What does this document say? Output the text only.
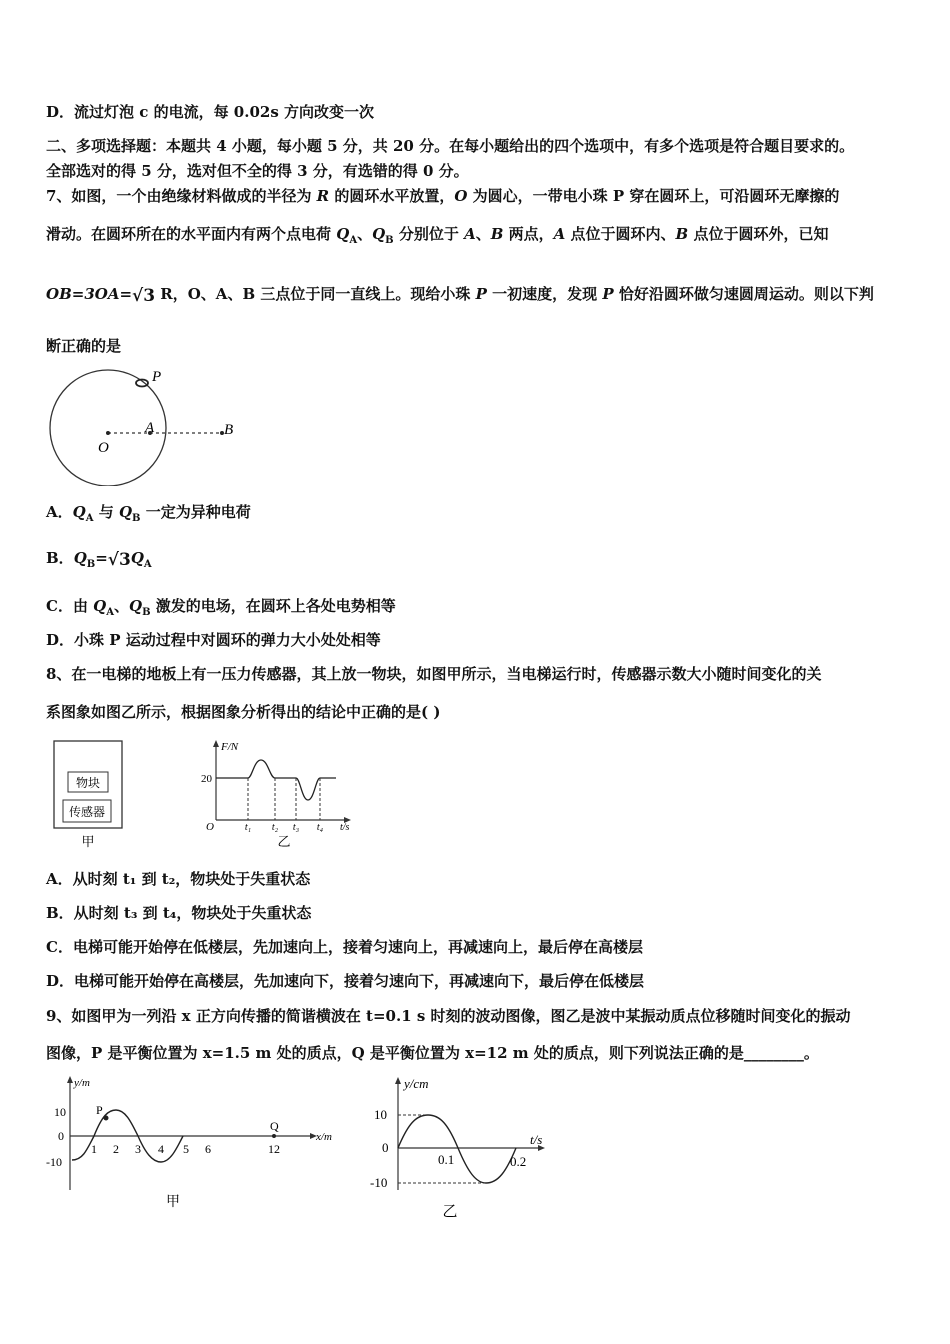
D．流过灯泡 c 的电流，每 0.02s 方向改变一次
二、多项选择题：本题共 4 小题，每小题 5 分，共 20 分。在每小题给出的四个选项中，有多个选项是符合题目要求的。
全部选对的得 5 分，选对但不全的得 3 分，有选错的得 0 分。
7、如图，一个由绝缘材料做成的半径为 R 的圆环水平放置，O 为圆心，一带电小珠 P 穿在圆环上，可沿圆环无摩擦的
滑动。在圆环所在的水平面内有两个点电荷 $Q_A$、$Q_B$ 分别位于 A、B 两点，A 点位于圆环内、B 点位于圆环外，已知
OB=3OA=√3 R，O、A、B 三点位于同一直线上。现给小珠 P 一初速度，发现 P 恰好沿圆环做匀速圆周运动。则以下判
断正确的是
P
A	B
O
A．$Q_A$ 与 $Q_B$ 一定为异种电荷
B．$Q_B=√3Q_A$
C．由 $Q_A$、$Q_B$ 激发的电场，在圆环上各处电势相等
D．小珠 P 运动过程中对圆环的弹力大小处处相等
8、在一电梯的地板上有一压力传感器，其上放一物块，如图甲所示，当电梯运行时，传感器示数大小随时间变化的关
系图象如图乙所示，根据图象分析得出的结论中正确的是( )
物块
传感器
甲
F/N
20
O	t₁ t₂ t₃ t₄ t/s
乙
A．从时刻 t₁ 到 t₂，物块处于失重状态
B．从时刻 t₃ 到 t₄，物块处于失重状态
C．电梯可能开始停在低楼层，先加速向上，接着匀速向上，再减速向上，最后停在高楼层
D．电梯可能开始停在高楼层，先加速向下，接着匀速向下，再减速向下，最后停在低楼层
9、如图甲为一列沿 x 正方向传播的简谐横波在 t=0.1 s 时刻的波动图像，图乙是波中某振动质点位移随时间变化的振动
图像，P 是平衡位置为 x=1.5 m 处的质点，Q 是平衡位置为 x=12 m 处的质点，则下列说法正确的是________。
y/m
10
0
-10
P
Q
1 2 3 4 5 6	12
x/m
甲
y/cm
10
0
-10
0.1	0.2
t/s
乙
